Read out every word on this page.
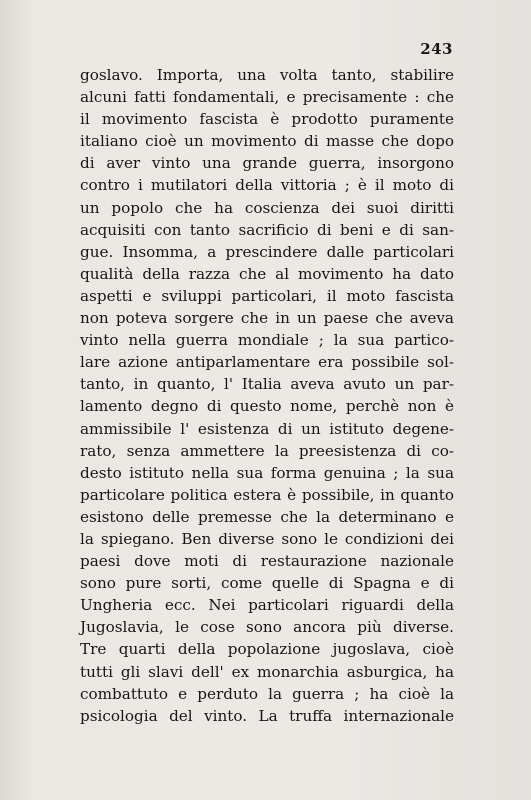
243
goslavo. Importa, una volta tanto, stabilire
alcuni fatti fondamentali, e precisamente : che
il movimento fascista è prodotto puramente
italiano cioè un movimento di masse che dopo
di aver vinto una grande guerra, insorgono
contro i mutilatori della vittoria ; è il moto di
un popolo che ha coscienza dei suoi diritti
acquisiti con tanto sacrificio di beni e di san-
gue. Insomma, a prescindere dalle particolari
qualità della razza che al movimento ha dato
aspetti e sviluppi particolari, il moto fascista
non poteva sorgere che in un paese che aveva
vinto nella guerra mondiale ; la sua partico-
lare azione antiparlamentare era possibile sol-
tanto, in quanto, l' Italia aveva avuto un par-
lamento degno di questo nome, perchè non è
ammissibile l' esistenza di un istituto degene-
rato, senza ammettere la preesistenza di co-
desto istituto nella sua forma genuina ; la sua
particolare politica estera è possibile, in quanto
esistono delle premesse che la determinano e
la spiegano. Ben diverse sono le condizioni dei
paesi dove moti di restaurazione nazionale
sono pure sorti, come quelle di Spagna e di
Ungheria ecc. Nei particolari riguardi della
Jugoslavia, le cose sono ancora più diverse.
Tre quarti della popolazione jugoslava, cioè
tutti gli slavi dell' ex monarchia asburgica, ha
combattuto e perduto la guerra ; ha cioè la
psicologia del vinto. La truffa internazionale
